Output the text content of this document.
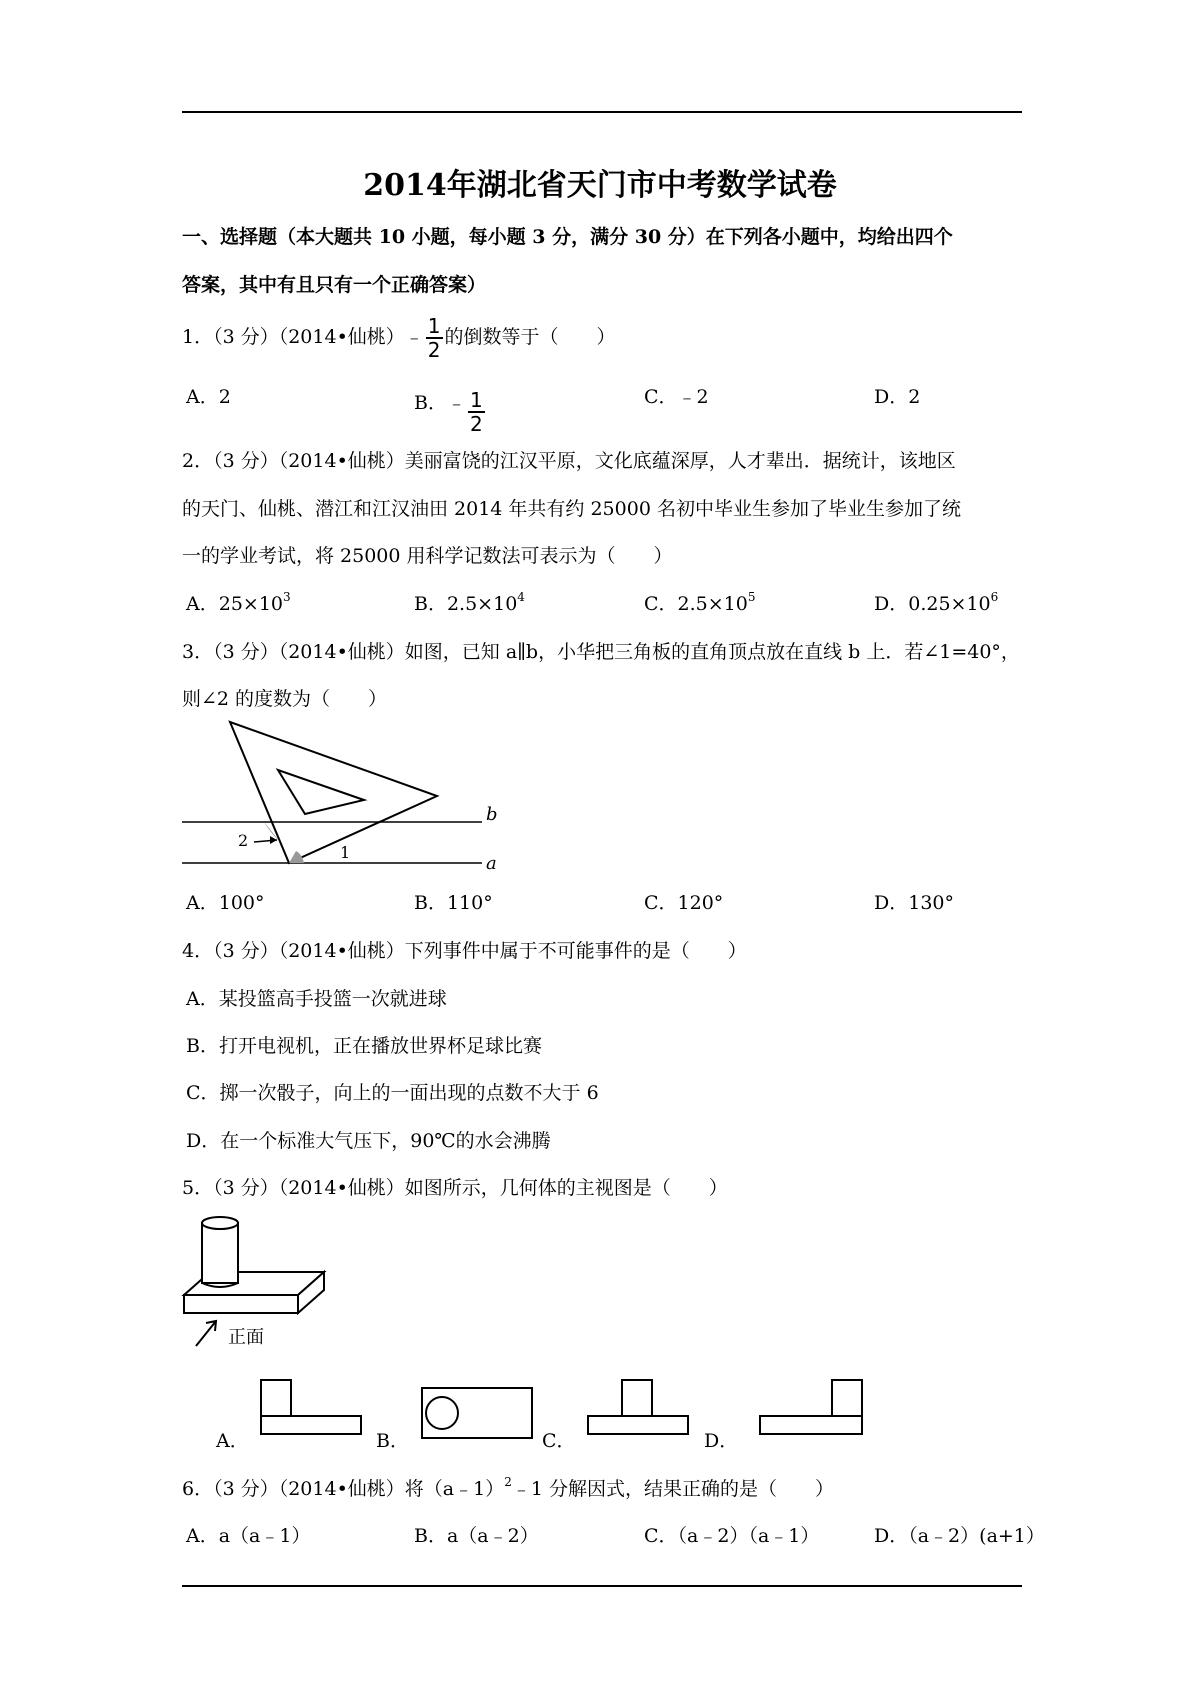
2014年湖北省天门市中考数学试卷
一、选择题（本大题共 10 小题，每小题 3 分，满分 30 分）在下列各小题中，均给出四个
答案，其中有且只有一个正确答案）
1．（3 分）（2014•仙桃）﹣ $\frac{1}{2}$ 的倒数等于（　　）
A．2	B．﹣ $\frac{1}{2}$	C．﹣2	D．2
2．（3 分）（2014•仙桃）美丽富饶的江汉平原，文化底蕴深厚，人才辈出．据统计，该地区
的天门、仙桃、潜江和江汉油田 2014 年共有约 25000 名初中毕业生参加了毕业生参加了统
一的学业考试，将 25000 用科学记数法可表示为（　　）
A．$25\times 10^3$	B．$2.5\times 10^4$	C．$2.5\times 10^5$	D．$0.25\times 10^6$
3．（3 分）（2014•仙桃）如图，已知 a∥b，小华把三角板的直角顶点放在直线 b 上．若∠1=40°，
则∠2 的度数为（　　）
b
a
1
2
A．100°	B．110°	C．120°	D．130°
4．（3 分）（2014•仙桃）下列事件中属于不可能事件的是（　　）
A．某投篮高手投篮一次就进球
B．打开电视机，正在播放世界杯足球比赛
C．掷一次骰子，向上的一面出现的点数不大于 6
D．在一个标准大气压下，90℃的水会沸腾
5．（3 分）（2014•仙桃）如图所示，几何体的主视图是（　　）
正面
A．	B．	C．	D．
6．（3 分）（2014•仙桃）将（a﹣1）$^2$﹣1 分解因式，结果正确的是（　　）
A．a（a﹣1）	B．a（a﹣2）	C．（a﹣2）（a﹣1）	D．（a﹣2）(a+1）
